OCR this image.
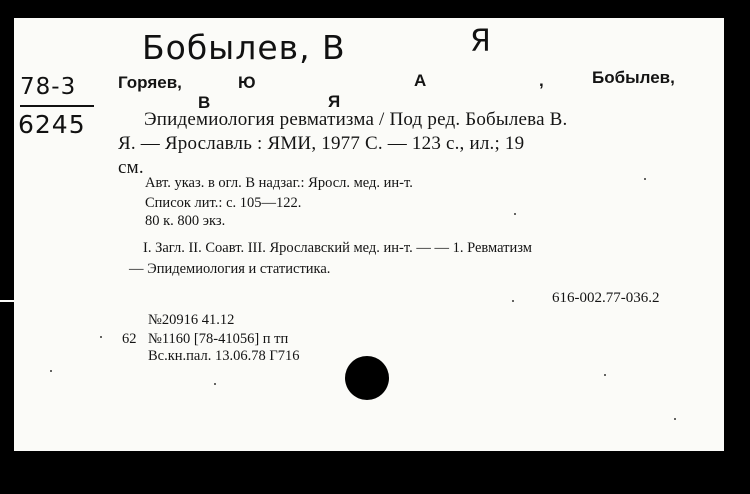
Бобылев, В	Я
78-3
6245
Горяев,	Ю	А	,	Бобылев,
В	Я
Эпидемиология ревматизма / Под ред. Бобылева В.
Я. — Ярославль : ЯМИ, 1977 С. — 123 с., ил.; 19
см.
Авт. указ. в огл. В надзаг.: Яросл. мед. ин-т.
Список лит.: с. 105—122.
80 к. 800 экз.
I. Загл. II. Соавт. III. Ярославский мед. ин-т. — — 1. Ревматизм
— Эпидемиология и статистика.
616-002.77-036.2
№20916 41.12
62 №1160 [78-41056] п тп
Вс.кн.пал. 13.06.78 Г716
